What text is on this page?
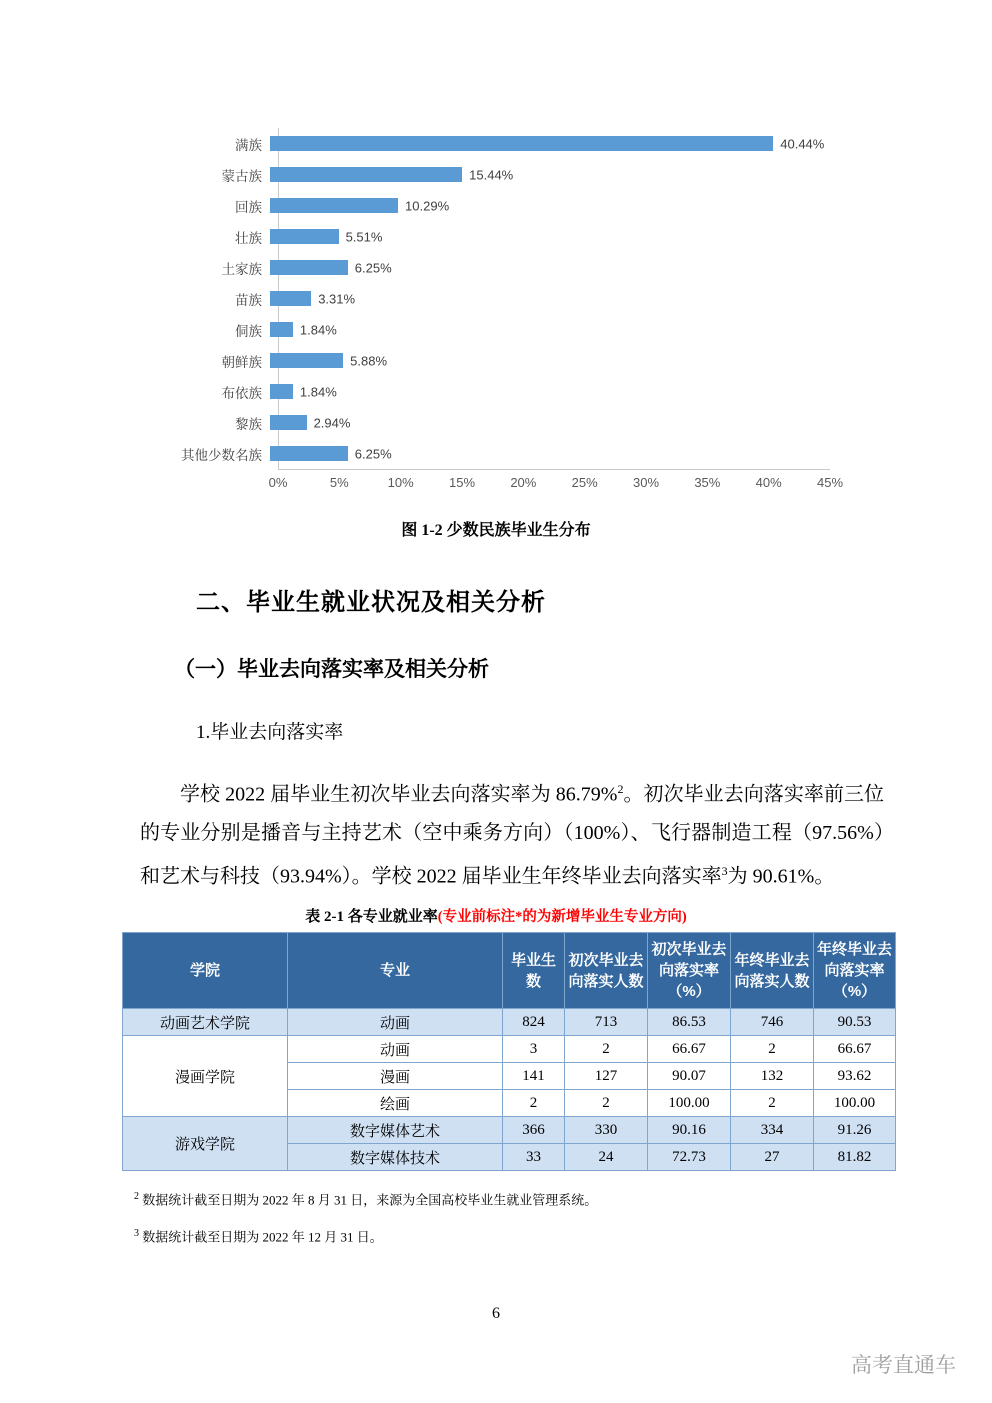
满族	40.44%
蒙古族	15.44%
回族	10.29%
壮族	5.51%
土家族	6.25%
苗族	3.31%
侗族	1.84%
朝鲜族	5.88%
布依族	1.84%
黎族	2.94%
其他少数名族	6.25%
0%	5%	10%	15%	20%	25%	30%	35%	40%	45%
图 1-2 少数民族毕业生分布
二、毕业生就业状况及相关分析
（一）毕业去向落实率及相关分析
1.毕业去向落实率

学校 2022 届毕业生初次毕业去向落实率为 86.79%$^2$。初次毕业去向落实率前三位的专业分别是播音与主持艺术（空中乘务方向）（100%）、飞行器制造工程（97.56%）和艺术与科技（93.94%）。学校 2022 届毕业生年终毕业去向落实率$^3$为 90.61%。

表 2-1 各专业就业率(专业前标注*的为新增毕业生专业方向)
学院	专业	毕业生数	初次毕业去向落实人数	初次毕业去向落实率（%）	年终毕业去向落实人数	年终毕业去向落实率（%）
动画艺术学院	动画	824	713	86.53	746	90.53
漫画学院	动画	3	2	66.67	2	66.67
	漫画	141	127	90.07	132	93.62
	绘画	2	2	100.00	2	100.00
游戏学院	数字媒体艺术	366	330	90.16	334	91.26
	数字媒体技术	33	24	72.73	27	81.82
$^2$ 数据统计截至日期为 2022 年 8 月 31 日，来源为全国高校毕业生就业管理系统。
$^3$ 数据统计截至日期为 2022 年 12 月 31 日。
6
高考直通车
